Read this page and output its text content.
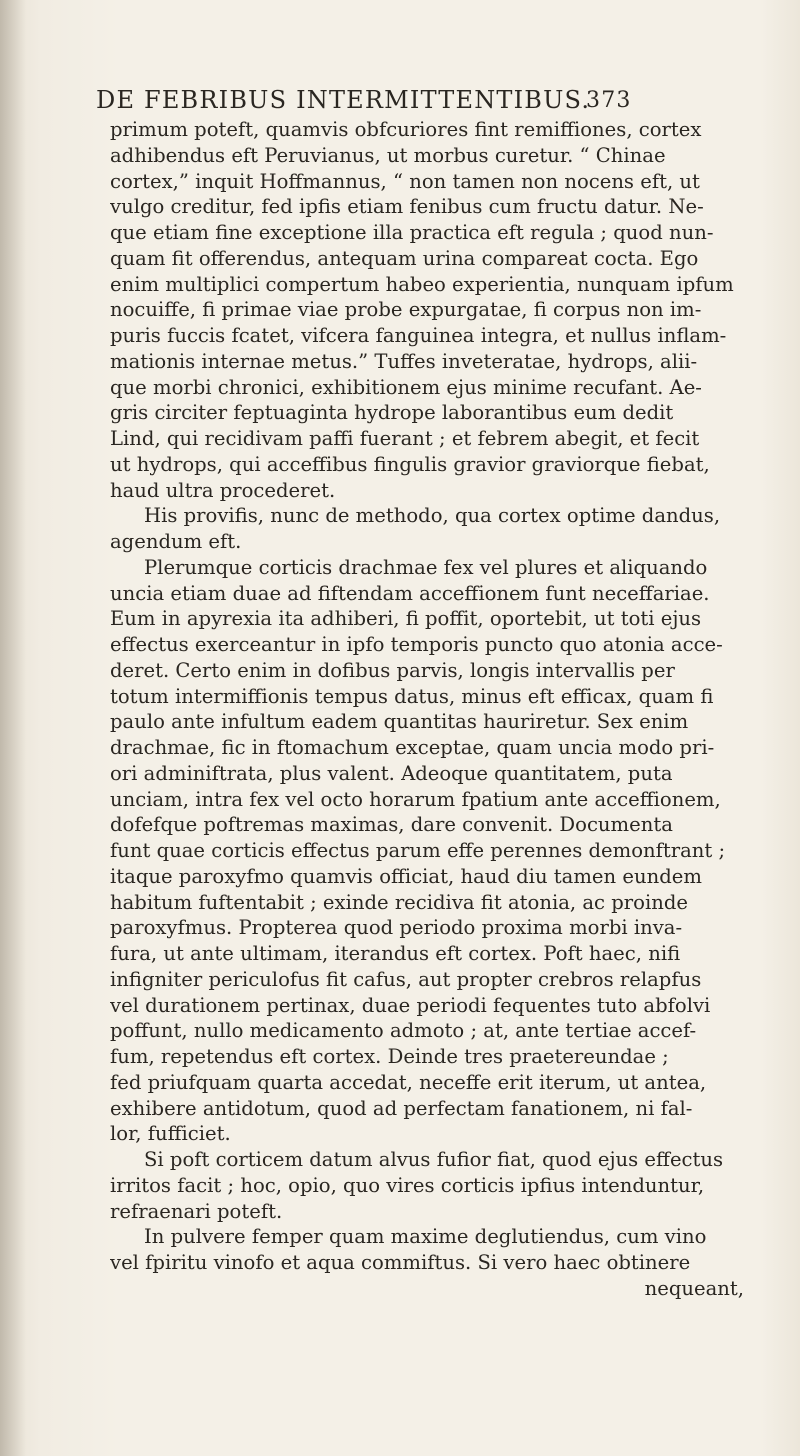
DE FEBRIBUS INTERMITTENTIBUS.
373
primum poteft, quamvis obfcuriores fint remiffiones, cortex
adhibendus eft Peruvianus, ut morbus curetur. “ Chinae
cortex,” inquit Hoffmannus, “ non tamen non nocens eft, ut
vulgo creditur, fed ipfis etiam fenibus cum fructu datur. Ne-
que etiam fine exceptione illa practica eft regula ; quod nun-
quam fit offerendus, antequam urina compareat cocta. Ego
enim multiplici compertum habeo experientia, nunquam ipfum
nocuiffe, fi primae viae probe expurgatae, fi corpus non im-
puris fuccis fcatet, vifcera fanguinea integra, et nullus inflam-
mationis internae metus.” Tuffes inveteratae, hydrops, alii-
que morbi chronici, exhibitionem ejus minime recufant. Ae-
gris circiter feptuaginta hydrope laborantibus eum dedit
Lind, qui recidivam paffi fuerant ; et febrem abegit, et fecit
ut hydrops, qui acceffibus fingulis gravior graviorque fiebat,
haud ultra procederet.
His provifis, nunc de methodo, qua cortex optime dandus,
agendum eft.
Plerumque corticis drachmae fex vel plures et aliquando
uncia etiam duae ad fiftendam acceffionem funt neceffariae.
Eum in apyrexia ita adhiberi, fi poffit, oportebit, ut toti ejus
effectus exerceantur in ipfo temporis puncto quo atonia acce-
deret. Certo enim in dofibus parvis, longis intervallis per
totum intermiffionis tempus datus, minus eft efficax, quam fi
paulo ante infultum eadem quantitas hauriretur. Sex enim
drachmae, fic in ftomachum exceptae, quam uncia modo pri-
ori adminiftrata, plus valent. Adeoque quantitatem, puta
unciam, intra fex vel octo horarum fpatium ante acceffionem,
dofefque poftremas maximas, dare convenit. Documenta
funt quae corticis effectus parum effe perennes demonftrant ;
itaque paroxyfmo quamvis officiat, haud diu tamen eundem
habitum fuftentabit ; exinde recidiva fit atonia, ac proinde
paroxyfmus. Propterea quod periodo proxima morbi inva-
fura, ut ante ultimam, iterandus eft cortex. Poft haec, nifi
infigniter periculofus fit cafus, aut propter crebros relapfus
vel durationem pertinax, duae periodi fequentes tuto abfolvi
poffunt, nullo medicamento admoto ; at, ante tertiae accef-
fum, repetendus eft cortex. Deinde tres praetereundae ;
fed priufquam quarta accedat, neceffe erit iterum, ut antea,
exhibere antidotum, quod ad perfectam fanationem, ni fal-
lor, fufficiet.
Si poft corticem datum alvus fufior fiat, quod ejus effectus
irritos facit ; hoc, opio, quo vires corticis ipfius intenduntur,
refraenari poteft.
In pulvere femper quam maxime deglutiendus, cum vino
vel fpiritu vinofo et aqua commiftus. Si vero haec obtinere
nequeant,
